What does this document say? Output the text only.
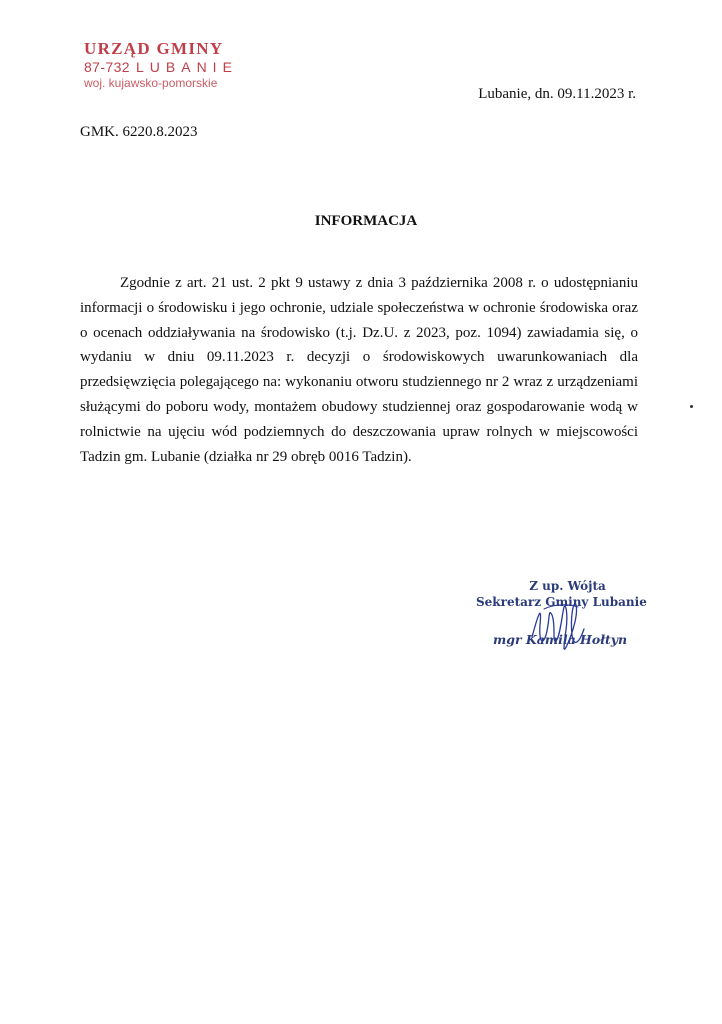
URZĄD GMINY
87-732 LUBANIE
woj. kujawsko-pomorskie
Lubanie, dn. 09.11.2023 r.
GMK. 6220.8.2023
INFORMACJA

Zgodnie z art. 21 ust. 2 pkt 9 ustawy z dnia 3 października 2008 r. o udostępnianiu informacji o środowisku i jego ochronie, udziale społeczeństwa w ochronie środowiska oraz o ocenach oddziaływania na środowisko (t.j. Dz.U. z 2023, poz. 1094) zawiadamia się, o wydaniu w dniu 09.11.2023 r. decyzji o środowiskowych uwarunkowaniach dla przedsięwzięcia polegającego na: wykonaniu otworu studziennego nr 2 wraz z urządzeniami służącymi do poboru wody, montażem obudowy studziennej oraz gospodarowanie wodą w rolnictwie na ujęciu wód podziemnych do deszczowania upraw rolnych w miejscowości Tadzin gm. Lubanie (działka nr 29 obręb 0016 Tadzin).

Z up. Wójta
Sekretarz Gminy Lubanie
mgr Kamila Hołtyn
